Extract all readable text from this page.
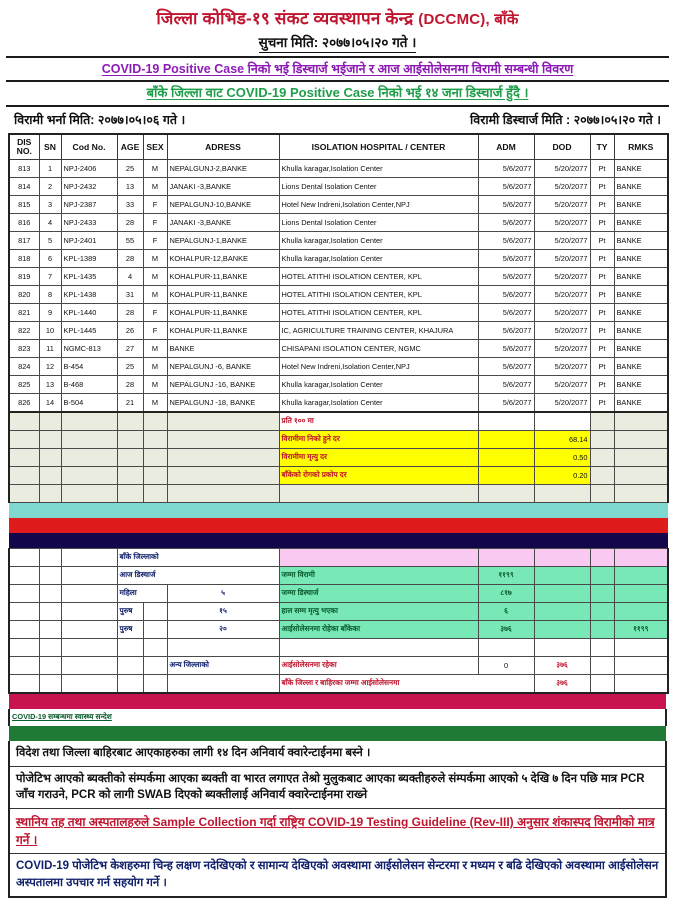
जिल्ला कोभिड-१९ संकट व्यवस्थापन केन्द्र (DCCMC), बाँके
सुचना मिति: २०७७।०५।२० गते ।
COVID-19 Positive Case निको भई डिस्चार्ज भईजाने र आज आईसोलेसनमा विरामी सम्बन्धी विवरण
बाँके जिल्ला वाट COVID-19 Positive Case निको भई १४ जना डिस्चार्ज हुँदै ।
विरामी भर्ना मिति: २०७७।०५।०६ गते ।	विरामी डिस्चार्ज मिति : २०७७।०५।२० गते ।
DIS
NO.	SN	Cod No.	AGE	SEX	ADRESS	ISOLATION HOSPITAL / CENTER	ADM	DOD	TY	RMKS
813	1	NPJ-2406	25	M	NEPALGUNJ-2,BANKE	Khulla karagar,Isolation Center	5/6/2077	5/20/2077	Pt	BANKE
814	2	NPJ-2432	13	M	JANAKI -3,BANKE	Lions Dental Isolation Center	5/6/2077	5/20/2077	Pt	BANKE
815	3	NPJ-2387	33	F	NEPALGUNJ-10,BANKE	Hotel New Indreni,Isolation Center,NPJ	5/6/2077	5/20/2077	Pt	BANKE
816	4	NPJ-2433	28	F	JANAKI -3,BANKE	Lions Dental Isolation Center	5/6/2077	5/20/2077	Pt	BANKE
817	5	NPJ-2401	55	F	NEPALGUNJ-1,BANKE	Khulla karagar,Isolation Center	5/6/2077	5/20/2077	Pt	BANKE
818	6	KPL-1389	28	M	KOHALPUR-12,BANKE	Khulla karagar,Isolation Center	5/6/2077	5/20/2077	Pt	BANKE
819	7	KPL-1435	4	M	KOHALPUR-11,BANKE	HOTEL ATITHI ISOLATION CENTER, KPL	5/6/2077	5/20/2077	Pt	BANKE
820	8	KPL-1438	31	M	KOHALPUR-11,BANKE	HOTEL ATITHI ISOLATION CENTER, KPL	5/6/2077	5/20/2077	Pt	BANKE
821	9	KPL-1440	28	F	KOHALPUR-11,BANKE	HOTEL ATITHI ISOLATION CENTER, KPL	5/6/2077	5/20/2077	Pt	BANKE
822	10	KPL-1445	26	F	KOHALPUR-11,BANKE	IC, AGRICULTURE TRAINING CENTER, KHAJURA	5/6/2077	5/20/2077	Pt	BANKE
823	11	NGMC-813	27	M	BANKE	CHISAPANI ISOLATION CENTER, NGMC	5/6/2077	5/20/2077	Pt	BANKE
824	12	B-454	25	M	NEPALGUNJ -6, BANKE	Hotel New Indreni,Isolation Center,NPJ	5/6/2077	5/20/2077	Pt	BANKE
825	13	B-468	28	M	NEPALGUNJ -16, BANKE	Khulla karagar,Isolation Center	5/6/2077	5/20/2077	Pt	BANKE
826	14	B-504	21	M	NEPALGUNJ -18, BANKE	Khulla karagar,Isolation Center	5/6/2077	5/20/2077	Pt	BANKE
						प्रति १०० मा				
						विरामीमा निको हुने दर		68.14		
						विरामीमा मृत्यु दर		0.50		
						बाँकेको रोगको प्रकोप दर		0.20		

			बाँके जिल्लाको							
			आज डिस्चार्ज			जम्मा विरामी	११९९			
			महिला		५	जम्मा डिस्चार्ज	८१७			
			पुरुष		१५	हाल सम्म मृत्यु भएका	६			
			पुरुष		२०	आईसोलेसनमा रोहेका बाँकेका	३७६			११९९

					अन्य जिल्लाको	आईसोलेसनमा रहेका	0	३७६		
						बाँके जिल्ला र बाहिरका जम्मा आईसोलेसनमा		३७६		

COVID-19 सम्बन्धमा स्वास्थ्य सन्देश

विदेश तथा जिल्ला बाहिरबाट आएकाहरुका लागी १४ दिन अनिवार्य क्वारेन्टाईनमा बस्ने ।
पोजेटिभ आएको ब्यक्तीको संम्पर्कमा आएका ब्यक्ती वा भारत लगाएत तेश्रो मुलुकबाट आएका ब्यक्तीहरुले संम्पर्कमा आएको ५ देखि ७ दिन पछि मात्र PCR जाँच गराउने, PCR को लागी SWAB दिएको ब्यक्तीलाई अनिवार्य क्वारेन्टाईनमा राख्ने
स्थानिय तह तथा अस्पतालहरुले Sample Collection गर्दा राष्ट्रिय COVID-19 Testing Guideline (Rev-III) अनुसार शंकास्पद विरामीको मात्र गर्ने ।
COVID-19 पोजेटिभ केशहरुमा चिन्ह लक्षण नदेखिएको र सामान्य देखिएको अवस्थामा आईसोलेसन सेन्टरमा र मध्यम र बढि देखिएको अवस्थामा आईसोलेसन अस्पतालमा उपचार गर्न सहयोग गर्ने ।
